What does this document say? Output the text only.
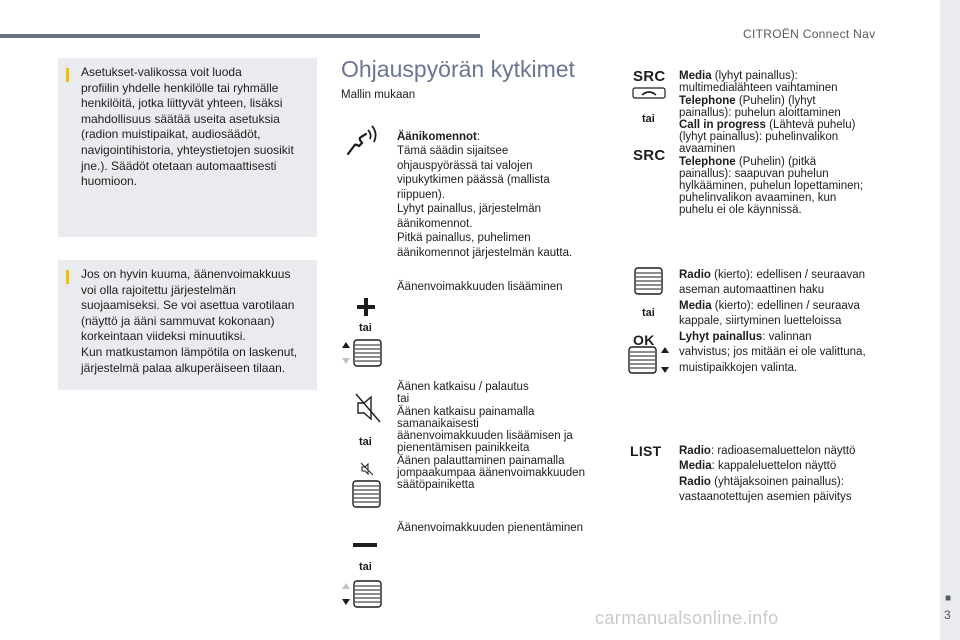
CITROËN Connect Nav
■
3
carmanualsonline.info

Asetukset-valikossa voit luoda
profiilin yhdelle henkilölle tai ryhmälle
henkilöitä, jotka liittyvät yhteen, lisäksi
mahdollisuus säätää useita asetuksia
(radion muistipaikat, audiosäädöt,
navigointihistoria, yhteystietojen suosikit
jne.). Säädöt otetaan automaattisesti
huomioon.

Jos on hyvin kuuma, äänenvoimakkuus
voi olla rajoitettu järjestelmän
suojaamiseksi. Se voi asettua varotilaan
(näyttö ja ääni sammuvat kokonaan)
korkeintaan viideksi minuutiksi.
Kun matkustamon lämpötila on laskenut,
järjestelmä palaa alkuperäiseen tilaan.

Ohjauspyörän kytkimet
Mallin mukaan

Äänikomennot:
Tämä säädin sijaitsee
ohjauspyörässä tai valojen
vipukytkimen päässä (mallista
riippuen).
Lyhyt painallus, järjestelmän
äänikomennot.
Pitkä painallus, puhelimen
äänikomennot järjestelmän kautta.

tai
Äänenvoimakkuuden lisääminen
tai
Äänen katkaisu / palautus
tai
Äänen katkaisu painamalla
samanaikaisesti
äänenvoimakkuuden lisäämisen ja
pienentämisen painikkeita
Äänen palauttaminen painamalla
jompaakumpaa äänenvoimakkuuden
säätöpainiketta
tai
Äänenvoimakkuuden pienentäminen
SRC
tai
SRC

Media (lyhyt painallus):
multimedialähteen vaihtaminen
Telephone (Puhelin) (lyhyt
painallus): puhelun aloittaminen
Call in progress (Lähtevä puhelu)
(lyhyt painallus): puhelinvalikon
avaaminen
Telephone (Puhelin) (pitkä
painallus): saapuvan puhelun
hylkääminen, puhelun lopettaminen;
puhelinvalikon avaaminen, kun
puhelu ei ole käynnissä.

tai
OK

Radio (kierto): edellisen / seuraavan
aseman automaattinen haku
Media (kierto): edellinen / seuraava
kappale, siirtyminen luetteloissa
Lyhyt painallus: valinnan
vahvistus; jos mitään ei ole valittuna,
muistipaikkojen valinta.

LIST Radio: radioasemaluettelon näyttö
Media: kappaleluettelon näyttö
Radio (yhtäjaksoinen painallus):
vastaanotettujen asemien päivitys
